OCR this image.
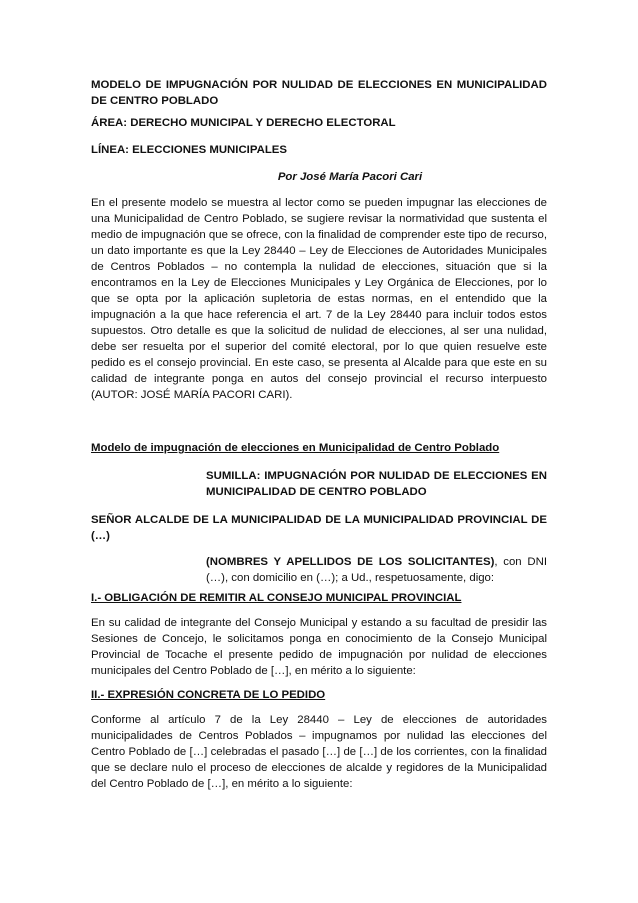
MODELO DE IMPUGNACIÓN POR NULIDAD DE ELECCIONES EN MUNICIPALIDAD DE CENTRO POBLADO

ÁREA: DERECHO MUNICIPAL Y DERECHO ELECTORAL

LÍNEA: ELECCIONES MUNICIPALES

Por José María Pacori Cari

En el presente modelo se muestra al lector como se pueden impugnar las elecciones de una Municipalidad de Centro Poblado, se sugiere revisar la normatividad que sustenta el medio de impugnación que se ofrece, con la finalidad de comprender este tipo de recurso, un dato importante es que la Ley 28440 – Ley de Elecciones de Autoridades Municipales de Centros Poblados – no contempla la nulidad de elecciones, situación que si la encontramos en la Ley de Elecciones Municipales y Ley Orgánica de Elecciones, por lo que se opta por la aplicación supletoria de estas normas, en el entendido que la impugnación a la que hace referencia el art. 7 de la Ley 28440 para incluir todos estos supuestos. Otro detalle es que la solicitud de nulidad de elecciones, al ser una nulidad, debe ser resuelta por el superior del comité electoral, por lo que quien resuelve este pedido es el consejo provincial. En este caso, se presenta al Alcalde para que este en su calidad de integrante ponga en autos del consejo provincial el recurso interpuesto (AUTOR: JOSÉ MARÍA PACORI CARI).

Modelo de impugnación de elecciones en Municipalidad de Centro Poblado

SUMILLA: IMPUGNACIÓN POR NULIDAD DE ELECCIONES EN MUNICIPALIDAD DE CENTRO POBLADO

SEÑOR ALCALDE DE LA MUNICIPALIDAD DE LA MUNICIPALIDAD PROVINCIAL DE (…)

(NOMBRES Y APELLIDOS DE LOS SOLICITANTES), con DNI (…), con domicilio en (…); a Ud., respetuosamente, digo:

I.- OBLIGACIÓN DE REMITIR AL CONSEJO MUNICIPAL PROVINCIAL

En su calidad de integrante del Consejo Municipal y estando a su facultad de presidir las Sesiones de Concejo, le solicitamos ponga en conocimiento de la Consejo Municipal Provincial de Tocache el presente pedido de impugnación por nulidad de elecciones municipales del Centro Poblado de […], en mérito a lo siguiente:

II.- EXPRESIÓN CONCRETA DE LO PEDIDO

Conforme al artículo 7 de la Ley 28440 – Ley de elecciones de autoridades municipalidades de Centros Poblados – impugnamos por nulidad las elecciones del Centro Poblado de […] celebradas el pasado […] de […] de los corrientes, con la finalidad que se declare nulo el proceso de elecciones de alcalde y regidores de la Municipalidad del Centro Poblado de […], en mérito a lo siguiente:
